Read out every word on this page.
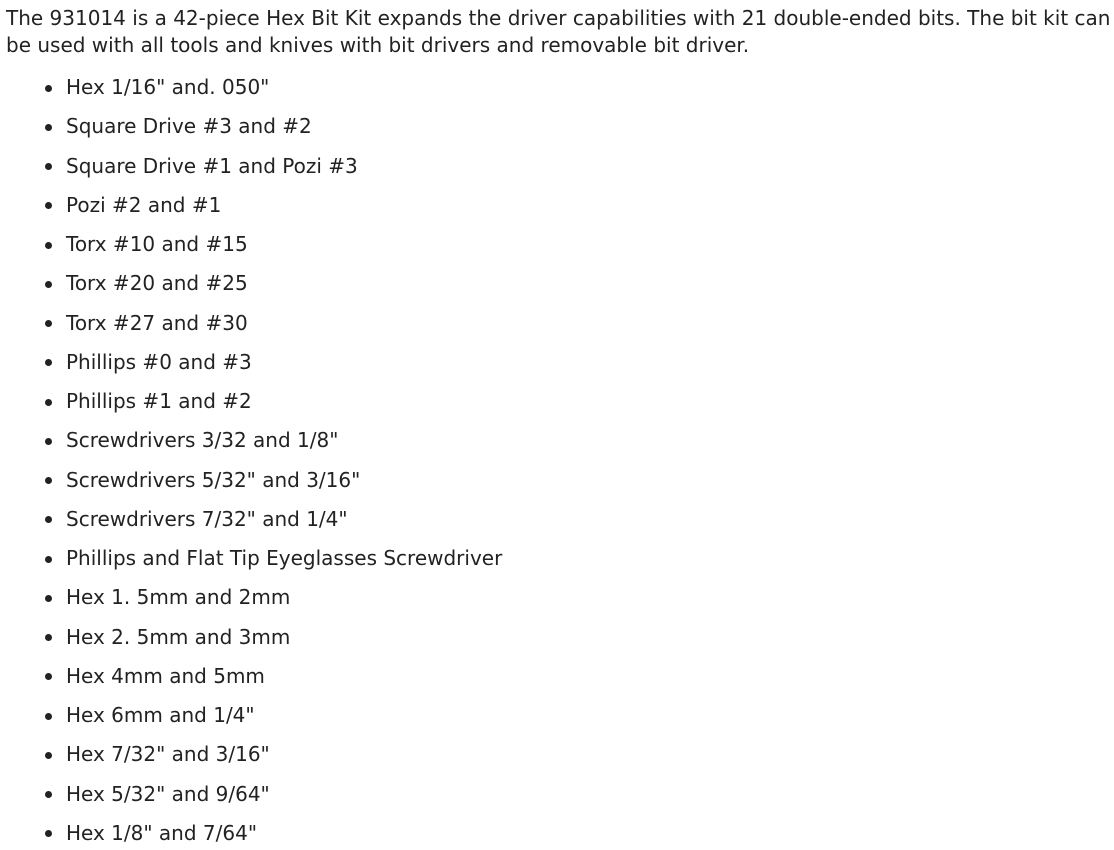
The 931014 is a 42-piece Hex Bit Kit expands the driver capabilities with 21 double-ended bits. The bit kit can be used with all tools and knives with bit drivers and removable bit driver.

Hex 1/16" and. 050"
Square Drive #3 and #2
Square Drive #1 and Pozi #3
Pozi #2 and #1
Torx #10 and #15
Torx #20 and #25
Torx #27 and #30
Phillips #0 and #3
Phillips #1 and #2
Screwdrivers 3/32 and 1/8"
Screwdrivers 5/32" and 3/16"
Screwdrivers 7/32" and 1/4"
Phillips and Flat Tip Eyeglasses Screwdriver
Hex 1. 5mm and 2mm
Hex 2. 5mm and 3mm
Hex 4mm and 5mm
Hex 6mm and 1/4"
Hex 7/32" and 3/16"
Hex 5/32" and 9/64"
Hex 1/8" and 7/64"
